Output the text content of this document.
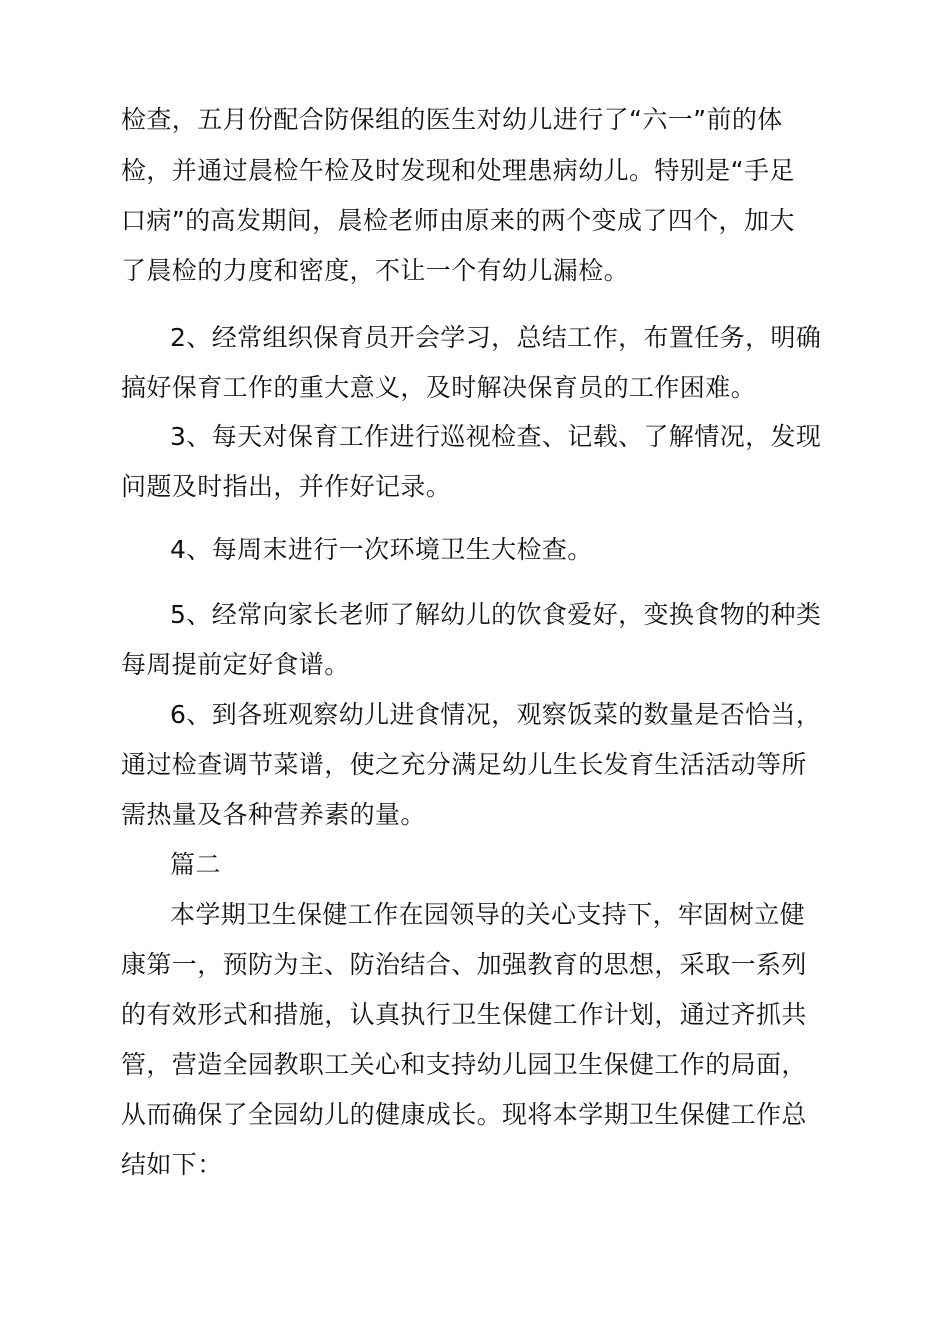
检查，五月份配合防保组的医生对幼儿进行了“六一”前的体
检，并通过晨检午检及时发现和处理患病幼儿。特别是“手足
口病”的高发期间，晨检老师由原来的两个变成了四个，加大
了晨检的力度和密度，不让一个有幼儿漏检。
2、经常组织保育员开会学习，总结工作，布置任务，明确
搞好保育工作的重大意义，及时解决保育员的工作困难。
3、每天对保育工作进行巡视检查、记载、了解情况，发现
问题及时指出，并作好记录。
4、每周末进行一次环境卫生大检查。
5、经常向家长老师了解幼儿的饮食爱好，变换食物的种类
每周提前定好食谱。
6、到各班观察幼儿进食情况，观察饭菜的数量是否恰当，
通过检查调节菜谱，使之充分满足幼儿生长发育生活活动等所
需热量及各种营养素的量。
篇二
本学期卫生保健工作在园领导的关心支持下，牢固树立健
康第一，预防为主、防治结合、加强教育的思想，采取一系列
的有效形式和措施，认真执行卫生保健工作计划，通过齐抓共
管，营造全园教职工关心和支持幼儿园卫生保健工作的局面，
从而确保了全园幼儿的健康成长。现将本学期卫生保健工作总
结如下：
